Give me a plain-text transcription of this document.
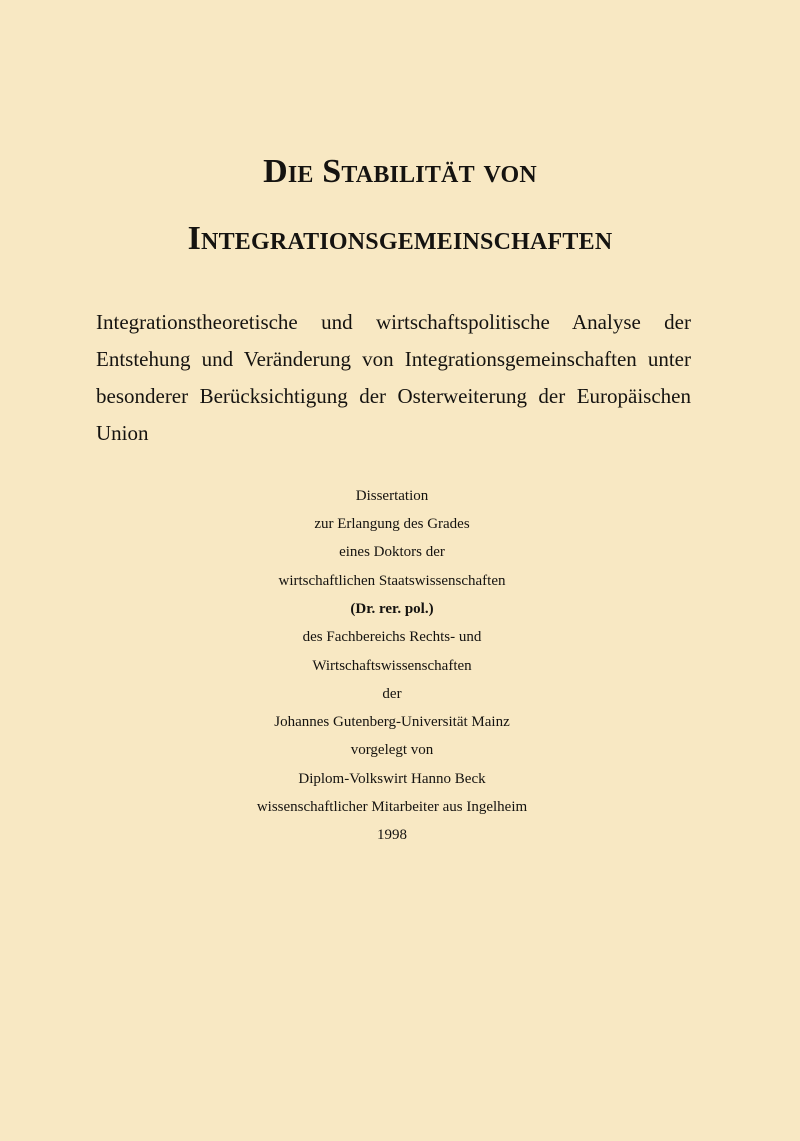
Die Stabilität von
Integrationsgemeinschaften
Integrationstheoretische und wirtschaftspolitische Analyse der
Entstehung und Veränderung von Integrationsgemeinschaften unter
besonderer Berücksichtigung der Osterweiterung der Europäischen
Union
Dissertation
zur Erlangung des Grades
eines Doktors der
wirtschaftlichen Staatswissenschaften
(Dr. rer. pol.)
des Fachbereichs Rechts- und
Wirtschaftswissenschaften
der
Johannes Gutenberg-Universität Mainz
vorgelegt von
Diplom-Volkswirt Hanno Beck
wissenschaftlicher Mitarbeiter aus Ingelheim
1998
